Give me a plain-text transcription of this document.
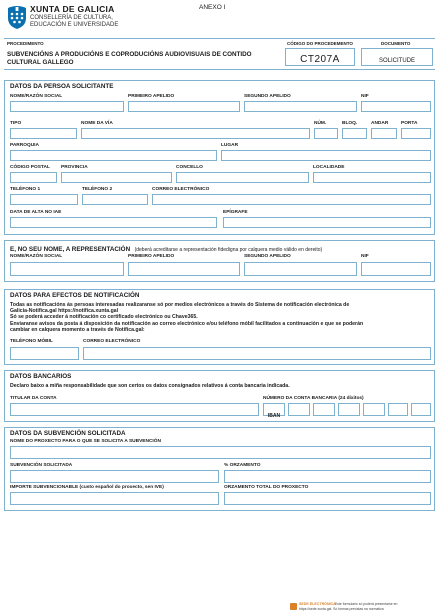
XUNTA DE GALICIA
CONSELLERÍA DE CULTURA,
EDUCACIÓN E UNIVERSIDADE
ANEXO I
PROCEDIMENTO
SUBVENCIÓNS A PRODUCIÓNS E COPRODUCIÓNS AUDIOVISUAIS DE CONTIDO CULTURAL GALLEGO
CÓDIGO DO PROCEDEMENTO
CT207A
DOCUMENTO
SOLICITUDE
DATOS DA PERSOA SOLICITANTE
NOME/RAZÓN SOCIAL	PRIMEIRO APELIDO	SEGUNDO APELIDO	NIF
TIPO	NOME DA VÍA	NÚM.	BLOQ.	ANDAR	PORTA
PARROQUIA	LUGAR
CÓDIGO POSTAL PROVINCIA	CONCELLO	LOCALIDADE
TELÉFONO 1	TELÉFONO 2	CORREO ELECTRÓNICO
DATA DE ALTA NO IAE	EPÍGRAFE
E, NO SEU NOME, A REPRESENTACIÓN (deberá acreditarse a representación fidedigna por calquera medio válido en dereito)
NOME/RAZÓN SOCIAL	PRIMEIRO APELIDO	SEGUNDO APELIDO	NIF
DATOS PARA EFECTOS DE NOTIFICACIÓN
Todas as notificacións ás persoas interesadas realizaranse só por medios electrónicos a través do Sistema de notificación electrónica de
Galicia-Notifica.gal https://notifica.xunta.gal
Só se poderá acceder á notificación co certificado electrónico ou Chave365.
Enviaranse avisos da posta á disposición da notificación ao correo electrónico e/ou teléfono móbil facilitados a continuación e que se poderán
cambiar en calquera momento a través de Notifica.gal:
TELÉFONO MÓBIL	CORREO ELECTRÓNICO
DATOS BANCARIOS
Declaro baixo a miña responsabilidade que son certos os datos consignados relativos á conta bancaria indicada.
TITULAR DA CONTA	NÚMERO DA CONTA BANCARIA (24 díxitos)
IBAN
DATOS DA SUBVENCIÓN SOLICITADA
NOME DO PROXECTO PARA O QUE SE SOLICITA A SUBVENCIÓN
SUBVENCIÓN SOLICITADA	% ORZAMENTO
IMPORTE SUBVENCIONABLE (custo español do proxecto, sen IVE)	ORZAMENTO TOTAL DO PROXECTO
SEDE ELECTRÓNICA Este formulario só poderá presentarse en
https://sede.xunta.gal. Só formas previstas na normativa
